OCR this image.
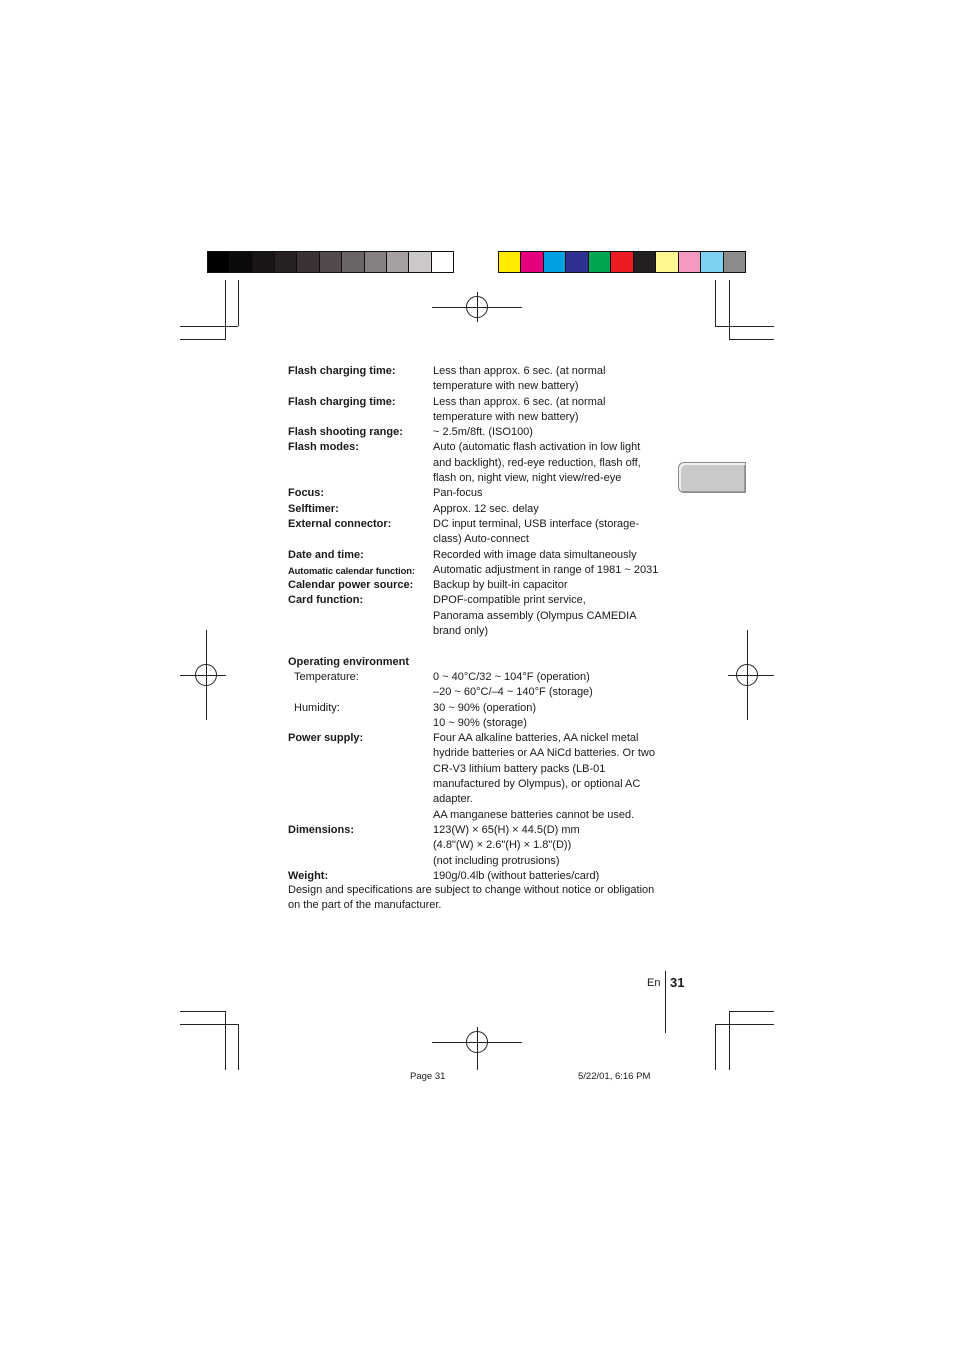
Flash charging time:	Less than approx. 6 sec. (at normal
temperature with new battery)
Flash charging time:	Less than approx. 6 sec. (at normal
temperature with new battery)
Flash shooting range:	~ 2.5m/8ft. (ISO100)
Flash modes:	Auto (automatic flash activation in low light
and backlight), red-eye reduction, flash off,
flash on, night view, night view/red-eye
Focus:	Pan-focus
Selftimer:	Approx. 12 sec. delay
External connector:	DC input terminal, USB interface (storage-
class) Auto-connect
Date and time:	Recorded with image data simultaneously
Automatic calendar function:	Automatic adjustment in range of 1981 ~ 2031
Calendar power source:	Backup by built-in capacitor
Card function:	DPOF-compatible print service,
Panorama assembly (Olympus CAMEDIA
brand only)

Operating environment

Temperature:	0 ~ 40°C/32 ~ 104°F (operation)
–20 ~ 60°C/–4 ~ 140°F (storage)
Humidity:	30 ~ 90% (operation)
10 ~ 90% (storage)
Power supply:	Four AA alkaline batteries, AA nickel metal
hydride batteries or AA NiCd batteries. Or two
CR-V3 lithium battery packs (LB-01
manufactured by Olympus), or optional AC
adapter.
AA manganese batteries cannot be used.
Dimensions:	123(W) × 65(H) × 44.5(D) mm
(4.8"(W) × 2.6"(H) × 1.8"(D))
(not including protrusions)
Weight:	190g/0.4lb (without batteries/card)
Design and specifications are subject to change without notice or obligation
on the part of the manufacturer.
En 31
Page 31	5/22/01, 6:16 PM
